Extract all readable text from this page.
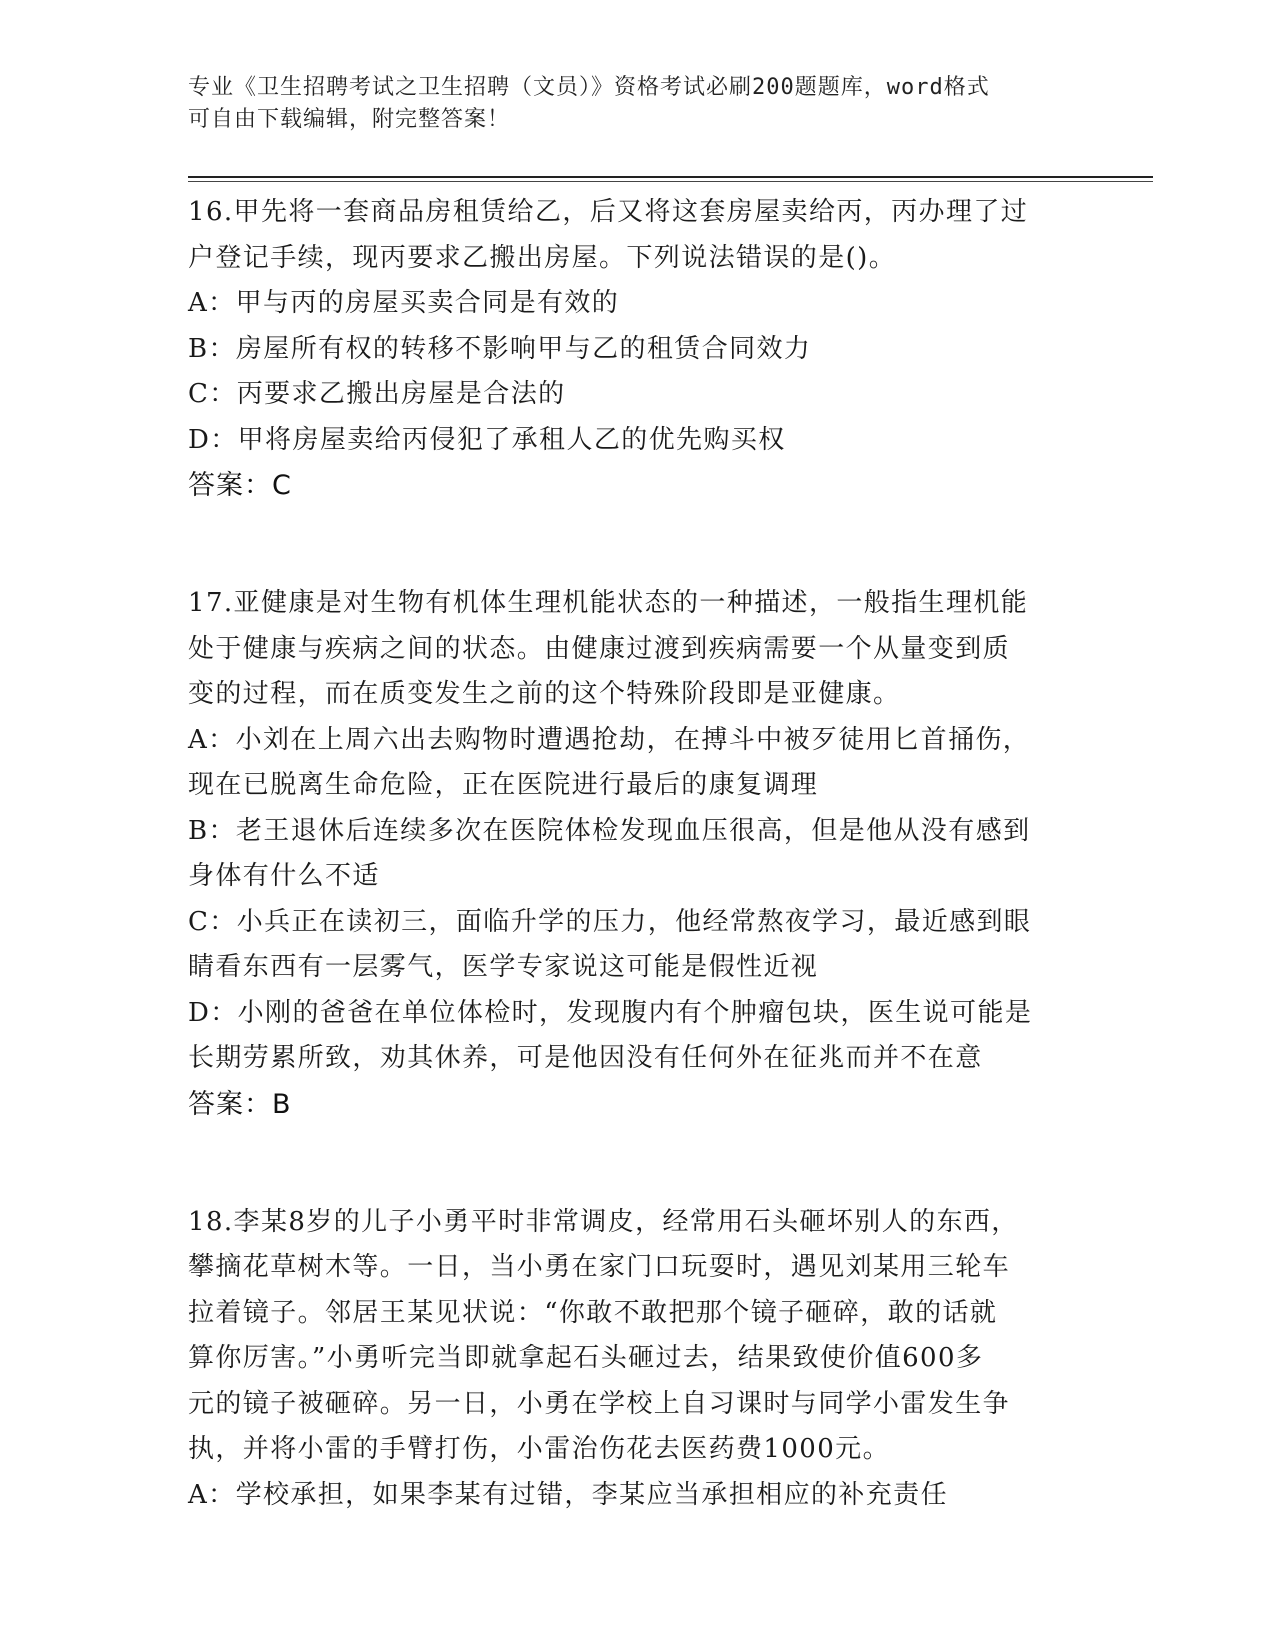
专业《卫生招聘考试之卫生招聘（文员）》资格考试必刷200题题库，word格式
可自由下载编辑，附完整答案！
16.甲先将一套商品房租赁给乙，后又将这套房屋卖给丙，丙办理了过
户登记手续，现丙要求乙搬出房屋。下列说法错误的是()。
A：甲与丙的房屋买卖合同是有效的
B：房屋所有权的转移不影响甲与乙的租赁合同效力
C：丙要求乙搬出房屋是合法的
D：甲将房屋卖给丙侵犯了承租人乙的优先购买权
答案：C
17.亚健康是对生物有机体生理机能状态的一种描述，一般指生理机能
处于健康与疾病之间的状态。由健康过渡到疾病需要一个从量变到质
变的过程，而在质变发生之前的这个特殊阶段即是亚健康。
A：小刘在上周六出去购物时遭遇抢劫，在搏斗中被歹徒用匕首捅伤，
现在已脱离生命危险，正在医院进行最后的康复调理
B：老王退休后连续多次在医院体检发现血压很高，但是他从没有感到
身体有什么不适
C：小兵正在读初三，面临升学的压力，他经常熬夜学习，最近感到眼
睛看东西有一层雾气，医学专家说这可能是假性近视
D：小刚的爸爸在单位体检时，发现腹内有个肿瘤包块，医生说可能是
长期劳累所致，劝其休养，可是他因没有任何外在征兆而并不在意
答案：B
18.李某8岁的儿子小勇平时非常调皮，经常用石头砸坏别人的东西，
攀摘花草树木等。一日，当小勇在家门口玩耍时，遇见刘某用三轮车
拉着镜子。邻居王某见状说：“你敢不敢把那个镜子砸碎，敢的话就
算你厉害。”小勇听完当即就拿起石头砸过去，结果致使价值600多
元的镜子被砸碎。另一日，小勇在学校上自习课时与同学小雷发生争
执，并将小雷的手臂打伤，小雷治伤花去医药费1000元。
A：学校承担，如果李某有过错，李某应当承担相应的补充责任
